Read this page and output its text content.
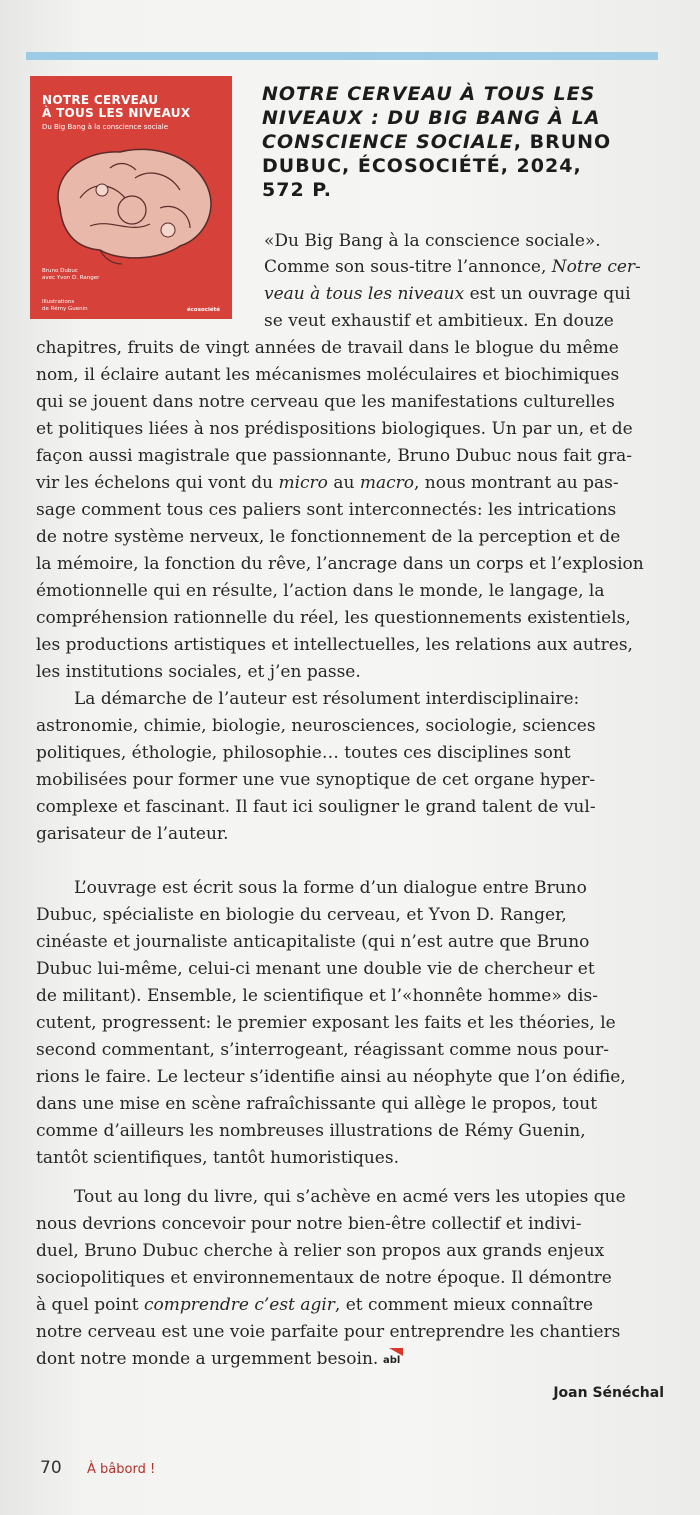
NOTRE CERVEAU
À TOUS LES NIVEAUX
Du Big Bang à la conscience sociale
Bruno Dubuc
avec Yvon D. Ranger
Illustrations
de Rémy Guenin	écosociété
NOTRE CERVEAU À TOUS LES
NIVEAUX : DU BIG BANG À LA
CONSCIENCE SOCIALE, BRUNO
DUBUC, ÉCOSOCIÉTÉ, 2024,
572 P.
«Du Big Bang à la conscience sociale».
Comme son sous-titre l’annonce, Notre cer-
veau à tous les niveaux est un ouvrage qui
se veut exhaustif et ambitieux. En douze
chapitres, fruits de vingt années de travail dans le blogue du même
nom, il éclaire autant les mécanismes moléculaires et biochimiques
qui se jouent dans notre cerveau que les manifestations culturelles
et politiques liées à nos prédispositions biologiques. Un par un, et de
façon aussi magistrale que passionnante, Bruno Dubuc nous fait gra-
vir les échelons qui vont du micro au macro, nous montrant au pas-
sage comment tous ces paliers sont interconnectés: les intrications
de notre système nerveux, le fonctionnement de la perception et de
la mémoire, la fonction du rêve, l’ancrage dans un corps et l’explosion
émotionnelle qui en résulte, l’action dans le monde, le langage, la
compréhension rationnelle du réel, les questionnements existentiels,
les productions artistiques et intellectuelles, les relations aux autres,
les institutions sociales, et j’en passe.
La démarche de l’auteur est résolument interdisciplinaire:
astronomie, chimie, biologie, neurosciences, sociologie, sciences
politiques, éthologie, philosophie… toutes ces disciplines sont
mobilisées pour former une vue synoptique de cet organe hyper-
complexe et fascinant. Il faut ici souligner le grand talent de vul-
garisateur de l’auteur.
L’ouvrage est écrit sous la forme d’un dialogue entre Bruno
Dubuc, spécialiste en biologie du cerveau, et Yvon D. Ranger,
cinéaste et journaliste anticapitaliste (qui n’est autre que Bruno
Dubuc lui-même, celui-ci menant une double vie de chercheur et
de militant). Ensemble, le scientifique et l’«honnête homme» dis-
cutent, progressent: le premier exposant les faits et les théories, le
second commentant, s’interrogeant, réagissant comme nous pour-
rions le faire. Le lecteur s’identifie ainsi au néophyte que l’on édifie,
dans une mise en scène rafraîchissante qui allège le propos, tout
comme d’ailleurs les nombreuses illustrations de Rémy Guenin,
tantôt scientifiques, tantôt humoristiques.
Tout au long du livre, qui s’achève en acmé vers les utopies que
nous devrions concevoir pour notre bien-être collectif et indivi-
duel, Bruno Dubuc cherche à relier son propos aux grands enjeux
sociopolitiques et environnementaux de notre époque. Il démontre
à quel point comprendre c’est agir, et comment mieux connaître
notre cerveau est une voie parfaite pour entreprendre les chantiers
dont notre monde a urgemment besoin. abl
Joan Sénéchal
70 À bâbord !
